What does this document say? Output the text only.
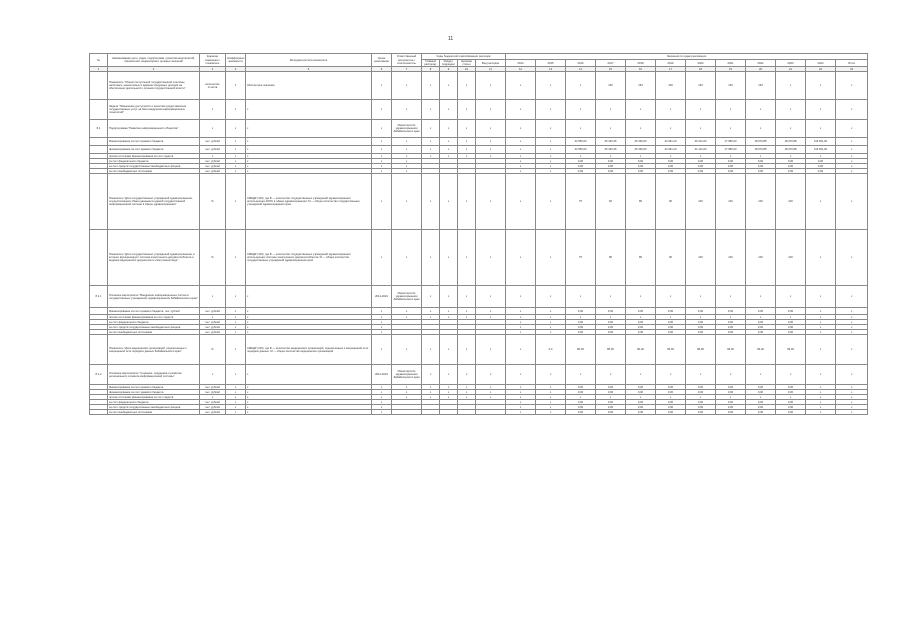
11
№	Наименование цели, задач, подпрограмм, проектов мероприятий, показателей, индикаторов и целевых значений	Единица измерения / показатель	Коэффициент значимости	Методика расчета показателя	Сроки реализации	Ответственный исполнитель / соисполнитель	Коды бюджетной классификации расходов				Значения по годам реализации											
							Главный распоряд.	Раздел, подраздел	Целевая статья	Вид расходов	2014	2015	2016	2017	2018	2019	2020	2021	2022	2023	2024	Итого
1	2	3	4	5	6	7	8	9	10	11	12	13	14	15	16	17	18	19	20	21	22	23
	Показатель "Объем поступлений государственной пошлины, налоговых, неналоговых и администрируемых доходов на обеспечение деятельности органов государственной власти"	количество отчетов	1	Абсолютное значение	x	x	x	x	x	x	x	x	x	152	154	160	163	163	163	x	x	x
	Задача "Повышение доступности и качества предоставления государственных услуг на базе внедрения информационных технологий"	x	x	x	x	x	x	x	x	x	x	x	x	x	x	x	x	x	x	x	x	x
8.1	Подпрограмма "Развитие информационного общества"	x	x	x	x	Министерство здравоохранения Забайкальского края	x	x	x	x	x	x	x	x	x	x	x	x	x	x	x	x
	Финансирование за счет краевого бюджета	тыс. рублей	x	x	x	x	x	x	x	x	x	x	24 550,00	25 440,36	25 439,00	24 691,20	20 101,00	17 986,00	18 070,88	18 070,88	118 391,00	x
	финансирование за счет краевого бюджета	тыс. рублей	x	x	x	x	x	x	x	x	x	x	24 550,00	25 440,36	25 439,00	24 691,20	21 101,00	17 986,00	18 070,88	18 070,88	118 391,00	x
	прочие источники финансирования за счет средств	x	x	x	x	x	x	x	x	x	x	x	x	x	x	x	x	x	x	x	x	x
	за счет федерального бюджета	тыс. рублей	x	x	x	x					x	x	0,00	0,00	0,00	0,00	0,00	0,00	0,00	0,00	0,00	x
	за счет средств государственных внебюджетных фондов	тыс. рублей	x	x	x	x					x	x	0,00	0,00	0,00	0,00	0,00	0,00	0,00	0,00	0,00	x
	за счет внебюджетных источников	тыс. рублей	x	x	x	x					x	x	0,00	0,00	0,00	0,00	0,00	0,00	0,00	0,00	0,00	x
	Показатель "Доля государственных учреждений здравоохранения, осуществляющих обмен данными в единой государственной информационной системе в сфере здравоохранения"	%	x	СМЕДР (100), где Ф — количество государственных учреждений здравоохранения, использующих ЕГИС в сфере здравоохранения; М — общее количество государственных учреждений здравоохранения края	x	x	x	x	x	x	x	x	75	60	85	90	100	100	100	100	x	x
	Показатель "Доля государственных учреждений здравоохранения, в которых функционирует система электронного документооборота и ведения медицинских документов в электронном виде"	%	x	СМЕДР (100), где Ф — количество государственных учреждений здравоохранения, использующих системы электронного документооборота; М — общее количество государственных учреждений здравоохранения края	x	x	x	x	x	x	x	x	75	80	85	90	100	100	100	100	x	x
8.1.1	Основное мероприятие "Внедрение информационных систем в государственных учреждениях здравоохранения Забайкальского края"	x	x	x	2014-2024	Министерство здравоохранения Забайкальского края	x	x	x	x	x	x	x	x	x	x	x	x	x	x	x	x
	Финансирование за счет краевого бюджета, тыс. рублей	тыс. рублей	x	x	x	x	x	x	x	x	x	x	0,00	0,00	0,00	0,00	0,00	0,00	0,00	0,00	x	x
	прочие источники финансирования за счет средств	x	x	x	x	x	x	x	x	x	x	x	x	x	x	x	x	x	x	x	x	x
	за счет федерального бюджета	тыс. рублей	x	x	x						x	x	0,00	0,00	0,00	0,00	0,00	0,00	0,00	0,00	x	x
	за счет средств государственных внебюджетных фондов	тыс. рублей	x	x	x						x	x	0,00	0,00	0,00	0,00	0,00	0,00	0,00	0,00	x	x
	за счет внебюджетных источников	тыс. рублей	x	x	x						x	x	0,00	0,00	0,00	0,00	0,00	0,00	0,00	0,00	x	x
	Показатель "Доля медицинских организаций, подключенных к защищенной сети передачи данных Забайкальского края"	%	x	СМЕДР (100), где Ф — количество медицинских организаций, подключенных к защищенной сети передачи данных; М — общее количество медицинских организаций	x	x	x	x	x	x	x	0,0	80,00	85,00	90,00	95,00	98,00	99,00	99,00	99,00	x	x
8.1.2	Основное мероприятие "Создание, поддержка и развитие регионального сегмента информационной системы"	x	x	x	2014-2024	Министерство здравоохранения Забайкальского края	x	x	x	x	x	x	x	x	x	x	x	x	x	x	x	x
	Финансирование за счет краевого бюджета	тыс. рублей	x	x	x	x	x	x	x	x	x	x	0,00	0,00	0,00	0,00	0,00	0,00	0,00	0,00	x	x
	финансирование за счет краевого бюджета	тыс. рублей	x	x	x	x	x	x	x	x	x	x	0,00	0,00	0,00	0,00	0,00	0,00	0,00	0,00	x	x
	прочие источники финансирования за счет средств	x	x	x	x	x	x	x	x	x	x	x	x	x	x	x	x	x	x	x	x	x
	за счет федерального бюджета	тыс. рублей	x	x	x						x	x	0,00	0,00	0,00	0,00	0,00	0,00	0,00	0,00	x	x
	за счет средств государственных внебюджетных фондов	тыс. рублей	x	x	x						x	x	0,00	0,00	0,00	0,00	0,00	0,00	0,00	0,00	x	x
	за счет внебюджетных источников	тыс. рублей	x	x	x						x	x	0,00	0,00	0,00	0,00	0,00	0,00	0,00	0,00	x	x
